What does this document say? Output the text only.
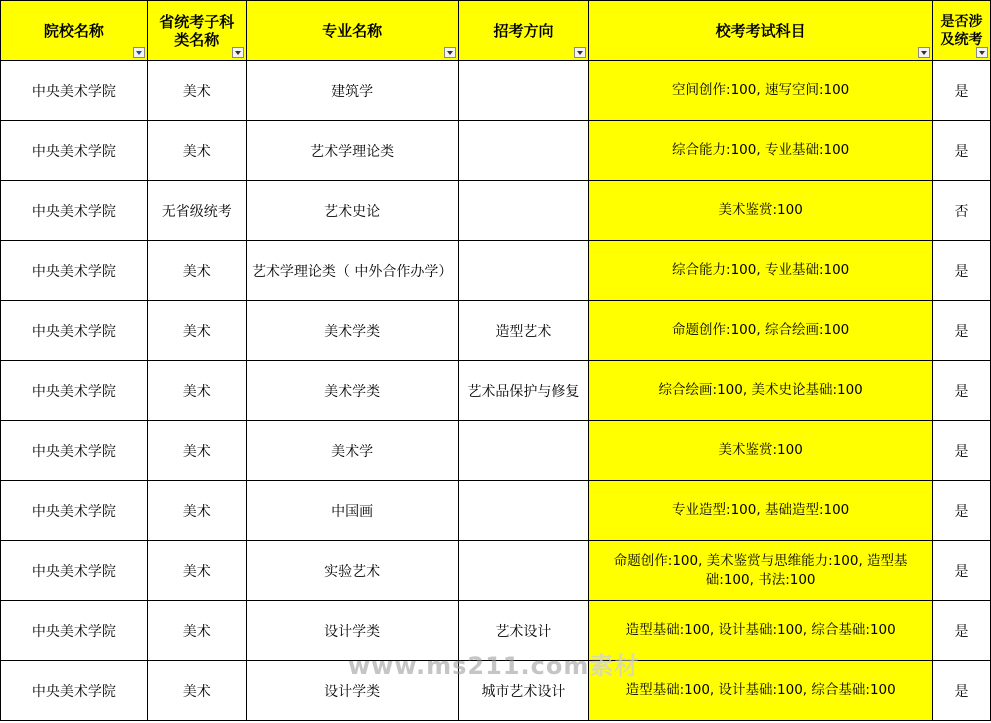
院校名称	省统考子科类名称	专业名称	招考方向	校考考试科目	是否涉及统考

中央美术学院	美术	建筑学		空间创作:100, 速写空间:100	是
中央美术学院	美术	艺术学理论类		综合能力:100, 专业基础:100	是
中央美术学院	无省级统考	艺术史论		美术鉴赏:100	否
中央美术学院	美术	艺术学理论类（ 中外合作办学）		综合能力:100, 专业基础:100	是
中央美术学院	美术	美术学类	造型艺术	命题创作:100, 综合绘画:100	是
中央美术学院	美术	美术学类	艺术品保护与修复	综合绘画:100, 美术史论基础:100	是
中央美术学院	美术	美术学		美术鉴赏:100	是
中央美术学院	美术	中国画		专业造型:100, 基础造型:100	是
中央美术学院	美术	实验艺术		命题创作:100, 美术鉴赏与思维能力:100, 造型基础:100, 书法:100	是
中央美术学院	美术	设计学类	艺术设计	造型基础:100, 设计基础:100, 综合基础:100	是
中央美术学院	美术	设计学类	城市艺术设计	造型基础:100, 设计基础:100, 综合基础:100	是
www.ms211.com素材
